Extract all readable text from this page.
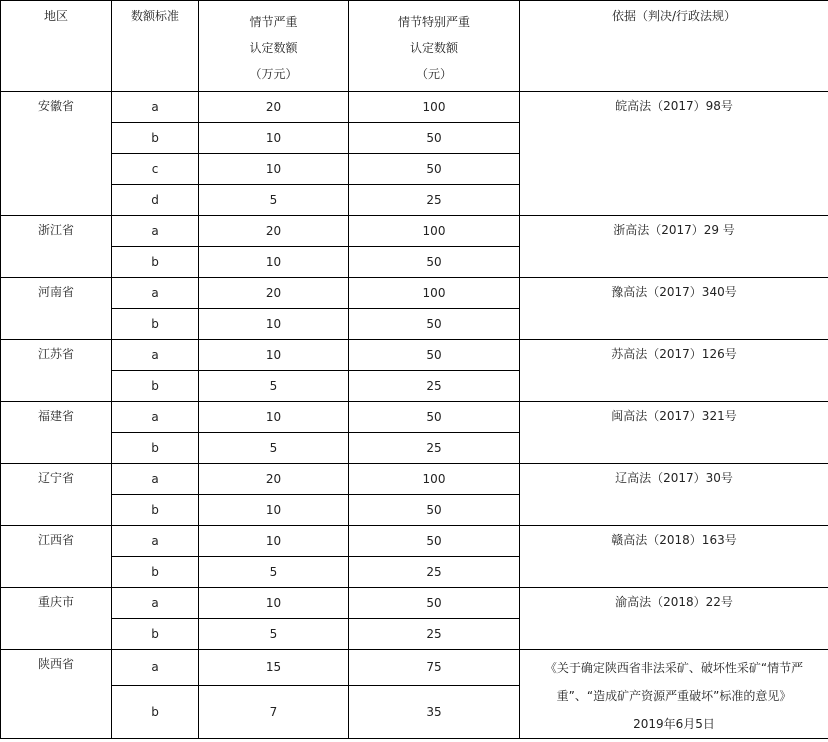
地区	数额标准	情节严重
认定数额
（万元）	情节特别严重
认定数额
（元）	依据（判决/行政法规）
安徽省	a	20	100	皖高法（2017）98号

	b	10	50	
	c	10	50	
	d	5	25	
浙江省	a	20	100	浙高法（2017）29 号

	b	10	50	
河南省	a	20	100	豫高法（2017）340号

	b	10	50	
江苏省	a	10	50	苏高法（2017）126号

	b	5	25	
福建省	a	10	50	闽高法（2017）321号

	b	5	25	
辽宁省	a	20	100	辽高法（2017）30号

	b	10	50	
江西省	a	10	50	赣高法（2018）163号

	b	5	25	
重庆市	a	10	50	渝高法（2018）22号

	b	5	25	
陕西省	a	15	75	《关于确定陕西省非法采矿、破坏性采矿“情节严
重”、“造成矿产资源严重破坏”标准的意见》
2019年6月5日

	b	7	35	
